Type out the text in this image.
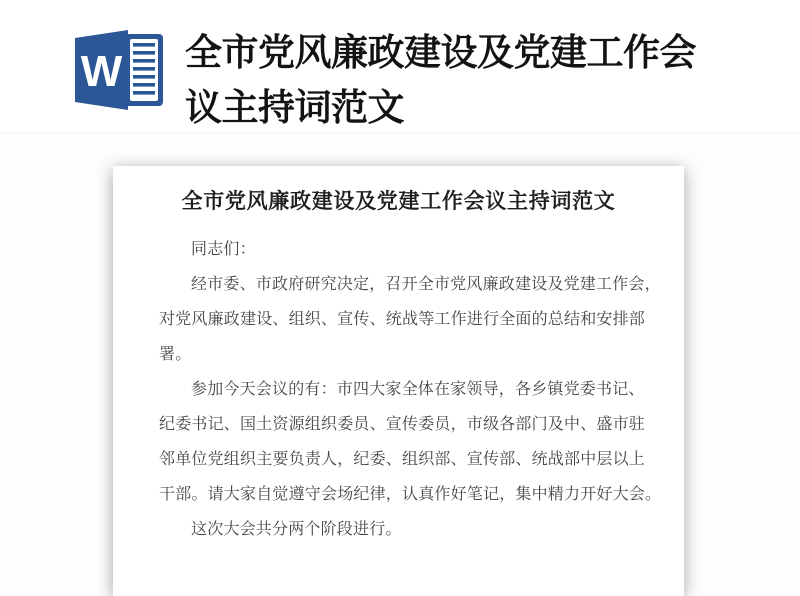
W 全市党风廉政建设及党建工作会
议主持词范文
全市党风廉政建设及党建工作会议主持词范文
同志们：
经市委、市政府研究决定，召开全市党风廉政建设及党建工作会，
对党风廉政建设、组织、宣传、统战等工作进行全面的总结和安排部
署。
参加今天会议的有：市四大家全体在家领导，各乡镇党委书记、
纪委书记、国土资源组织委员、宣传委员，市级各部门及中、盛市驻
邻单位党组织主要负责人，纪委、组织部、宣传部、统战部中层以上
干部。请大家自觉遵守会场纪律，认真作好笔记，集中精力开好大会。
这次大会共分两个阶段进行。
